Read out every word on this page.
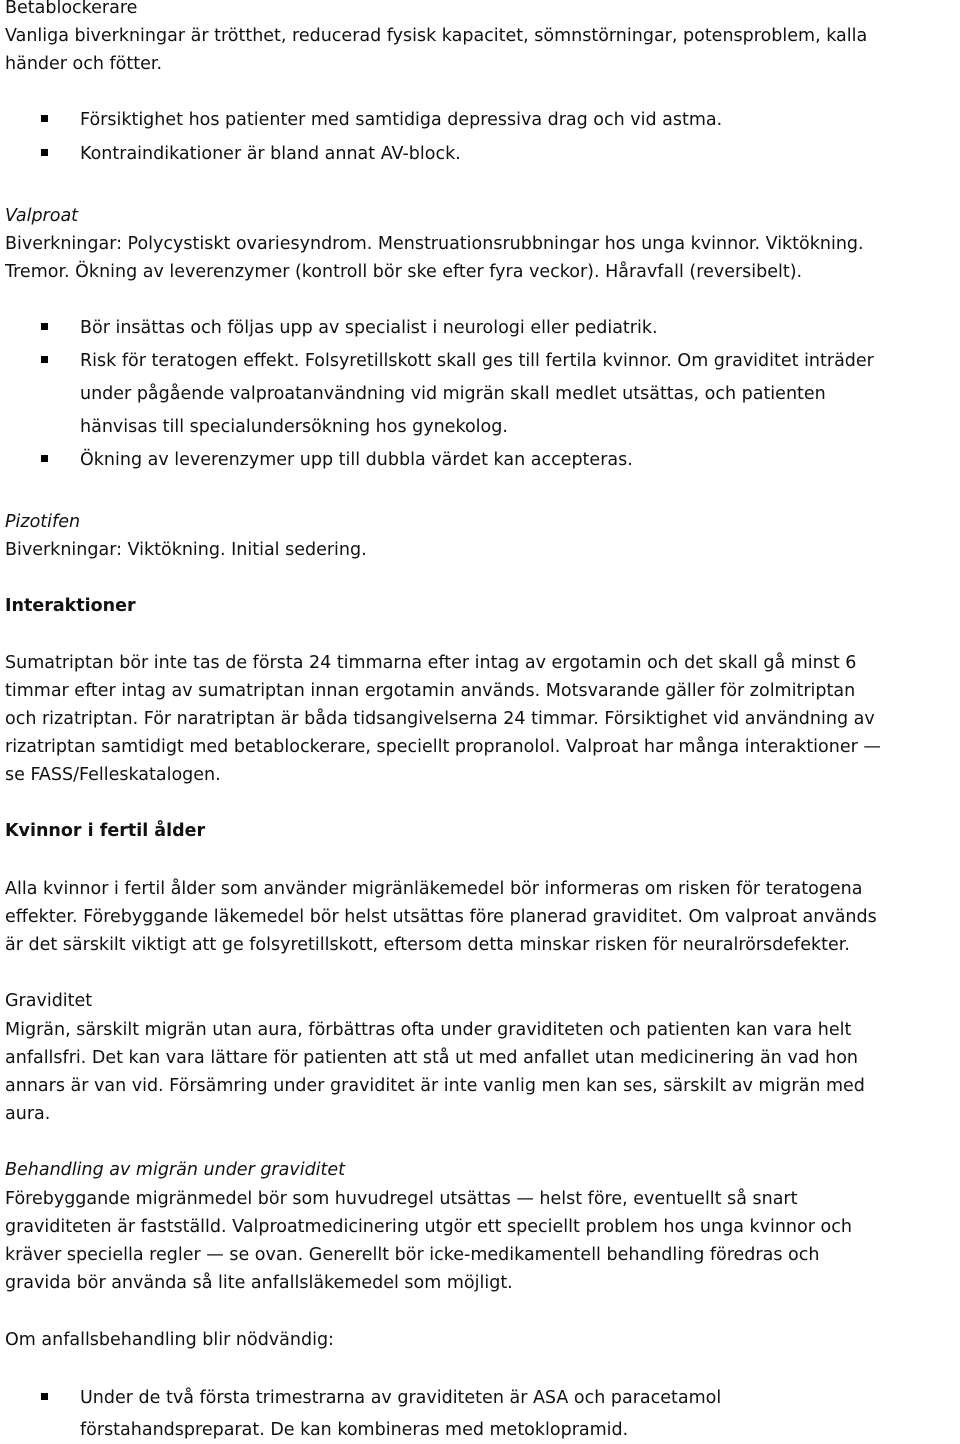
Betablockerare

Vanliga biverkningar är trötthet, reducerad fysisk kapacitet, sömnstörningar, potensproblem, kalla

händer och fötter.

Försiktighet hos patienter med samtidiga depressiva drag och vid astma.

Kontraindikationer är bland annat AV-block.

Valproat

Biverkningar: Polycystiskt ovariesyndrom. Menstruationsrubbningar hos unga kvinnor. Viktökning.

Tremor. Ökning av leverenzymer (kontroll bör ske efter fyra veckor). Håravfall (reversibelt).

Bör insättas och följas upp av specialist i neurologi eller pediatrik.

Risk för teratogen effekt. Folsyretillskott skall ges till fertila kvinnor. Om graviditet inträder

under pågående valproatanvändning vid migrän skall medlet utsättas, och patienten

hänvisas till specialundersökning hos gynekolog.

Ökning av leverenzymer upp till dubbla värdet kan accepteras.

Pizotifen

Biverkningar: Viktökning. Initial sedering.

Interaktioner

Sumatriptan bör inte tas de första 24 timmarna efter intag av ergotamin och det skall gå minst 6

timmar efter intag av sumatriptan innan ergotamin används. Motsvarande gäller för zolmitriptan

och rizatriptan. För naratriptan är båda tidsangivelserna 24 timmar. Försiktighet vid användning av

rizatriptan samtidigt med betablockerare, speciellt propranolol. Valproat har många interaktioner —

se FASS/Felleskatalogen.

Kvinnor i fertil ålder

Alla kvinnor i fertil ålder som använder migränläkemedel bör informeras om risken för teratogena

effekter. Förebyggande läkemedel bör helst utsättas före planerad graviditet. Om valproat används

är det särskilt viktigt att ge folsyretillskott, eftersom detta minskar risken för neuralrörsdefekter.

Graviditet

Migrän, särskilt migrän utan aura, förbättras ofta under graviditeten och patienten kan vara helt

anfallsfri. Det kan vara lättare för patienten att stå ut med anfallet utan medicinering än vad hon

annars är van vid. Försämring under graviditet är inte vanlig men kan ses, särskilt av migrän med

aura.

Behandling av migrän under graviditet

Förebyggande migränmedel bör som huvudregel utsättas — helst före, eventuellt så snart

graviditeten är fastställd. Valproatmedicinering utgör ett speciellt problem hos unga kvinnor och

kräver speciella regler — se ovan. Generellt bör icke-medikamentell behandling föredras och

gravida bör använda så lite anfallsläkemedel som möjligt.

Om anfallsbehandling blir nödvändig:

Under de två första trimestrarna av graviditeten är ASA och paracetamol

förstahandspreparat. De kan kombineras med metoklopramid.
